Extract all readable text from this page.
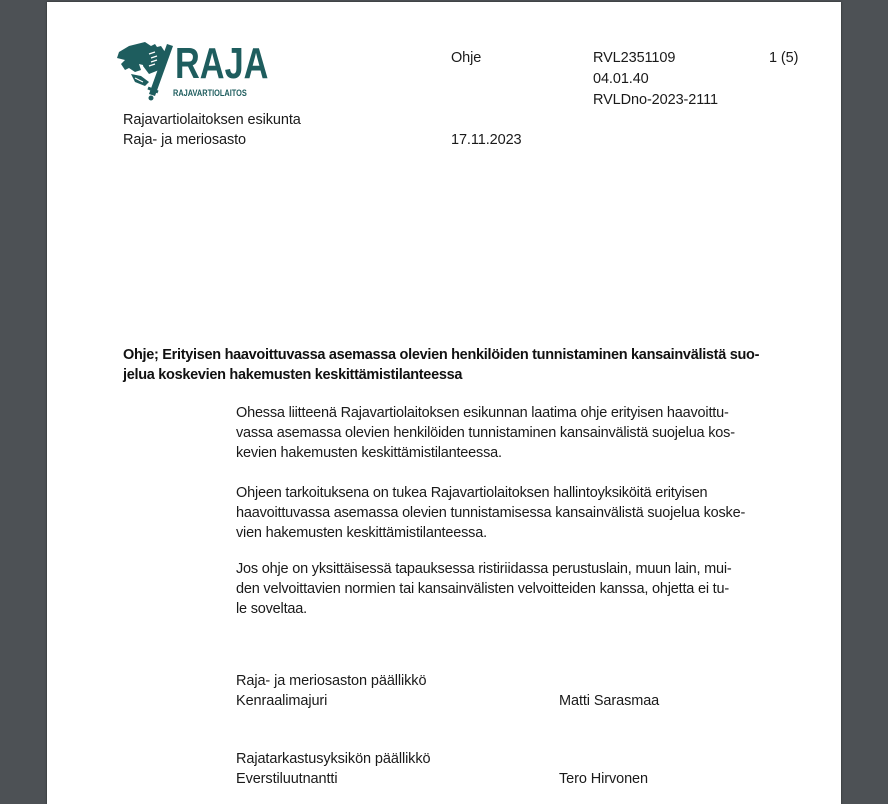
RAJA
RAJAVARTIOLAITOS
Rajavartiolaitoksen esikunta
Raja- ja meriosasto
Ohje
17.11.2023
RVL2351109
04.01.40
RVLDno-2023-2111
1 (5)
Ohje; Erityisen haavoittuvassa asemassa olevien henkilöiden tunnistaminen kansainvälistä suo-
jelua koskevien hakemusten keskittämistilanteessa
Ohessa liitteenä Rajavartiolaitoksen esikunnan laatima ohje erityisen haavoittu-
vassa asemassa olevien henkilöiden tunnistaminen kansainvälistä suojelua kos-
kevien hakemusten keskittämistilanteessa.
Ohjeen tarkoituksena on tukea Rajavartiolaitoksen hallintoyksiköitä erityisen
haavoittuvassa asemassa olevien tunnistamisessa kansainvälistä suojelua koske-
vien hakemusten keskittämistilanteessa.
Jos ohje on yksittäisessä tapauksessa ristiriidassa perustuslain, muun lain, mui-
den velvoittavien normien tai kansainvälisten velvoitteiden kanssa, ohjetta ei tu-
le soveltaa.
Raja- ja meriosaston päällikkö
Kenraalimajuri	Matti Sarasmaa
Rajatarkastusyksikön päällikkö
Everstiluutnantti	Tero Hirvonen
